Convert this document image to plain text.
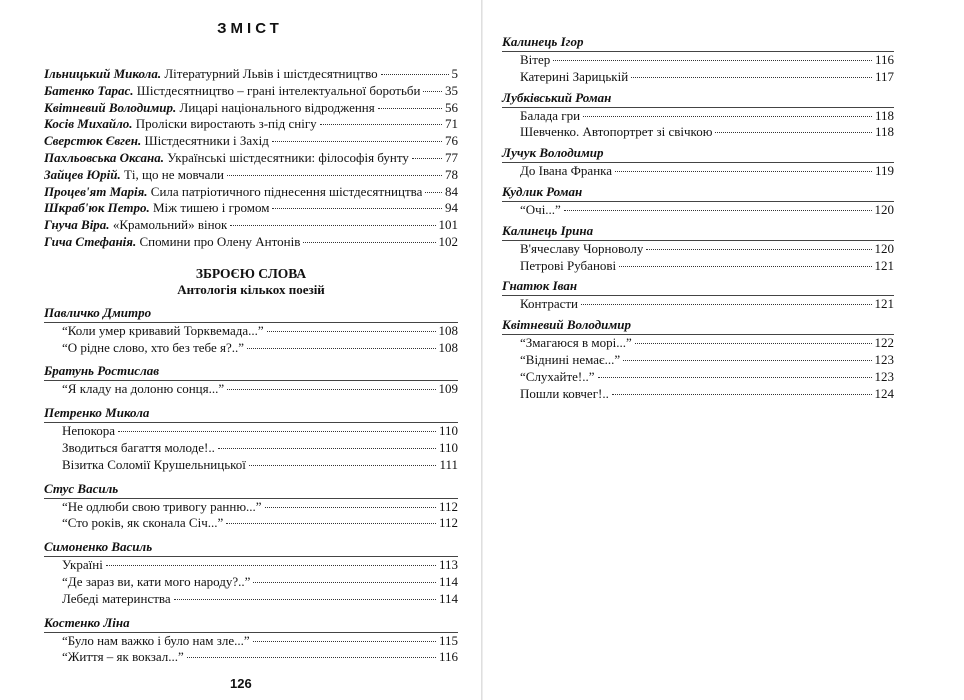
ЗМІСТ
Ільницький Микола. Літературний Львів і шістдесятництво	5
Батенко Тарас. Шістдесятництво – грані інтелектуальної боротьби 35
Квітневий Володимир. Лицарі національного відродження	56
Косів Михайло. Проліски виростають з-під снігу	71
Сверстюк Євген. Шістдесятники і Захід	76
Пахльовська Оксана. Українські шістдесятники: філософія бунту	77
Зайцев Юрій. Ті, що не мовчали	78
Процев'ят Марія. Сила патріотичного піднесення шістдесятництва 84
Шкраб'юк Петро. Між тишею і громом	94
Гнучa Віра. «Крамольний» вінок	101
Гича Стефанія. Спомини про Олену Антонів	102
ЗБРОЄЮ СЛОВА
Антологія кількох поезій
Павличко Дмитро
“Коли умер кривавий Торквемада...”	108
“О рідне слово, хто без тебе я?..”	108
Братунь Ростислав
“Я кладу на долоню сонця...”	109
Петренко Микола
Непокора	110
Зводиться багаття молоде!..	110
Візитка Соломії Крушельницької	111
Стус Василь
“Не одлюби свою тривогу ранню...”	112
“Сто років, як сконала Січ...”	112
Симоненко Василь
Україні	113
“Де зараз ви, кати мого народу?..”	114
Лебеді материнства	114
Костенко Ліна
“Було нам важко і було нам зле...”	115
“Життя – як вокзал...”	116
126
Калинець Ігор
Вітер	116
Катерині Зарицькій	117
Лубківський Роман
Балада гри	118
Шевченко. Автопортрет зі свічкою	118
Лучук Володимир
До Івана Франка	119
Кудлик Роман
“Очі...”	120
Калинець Ірина
В'ячеславу Чорноволу	120
Петрові Рубанові	121
Гнатюк Іван
Контрасти	121
Квітневий Володимир
“Змагаюся в морі...”	122
“Віднині немає...”	123
“Слухайте!..”	123
Пошли ковчег!..	124
